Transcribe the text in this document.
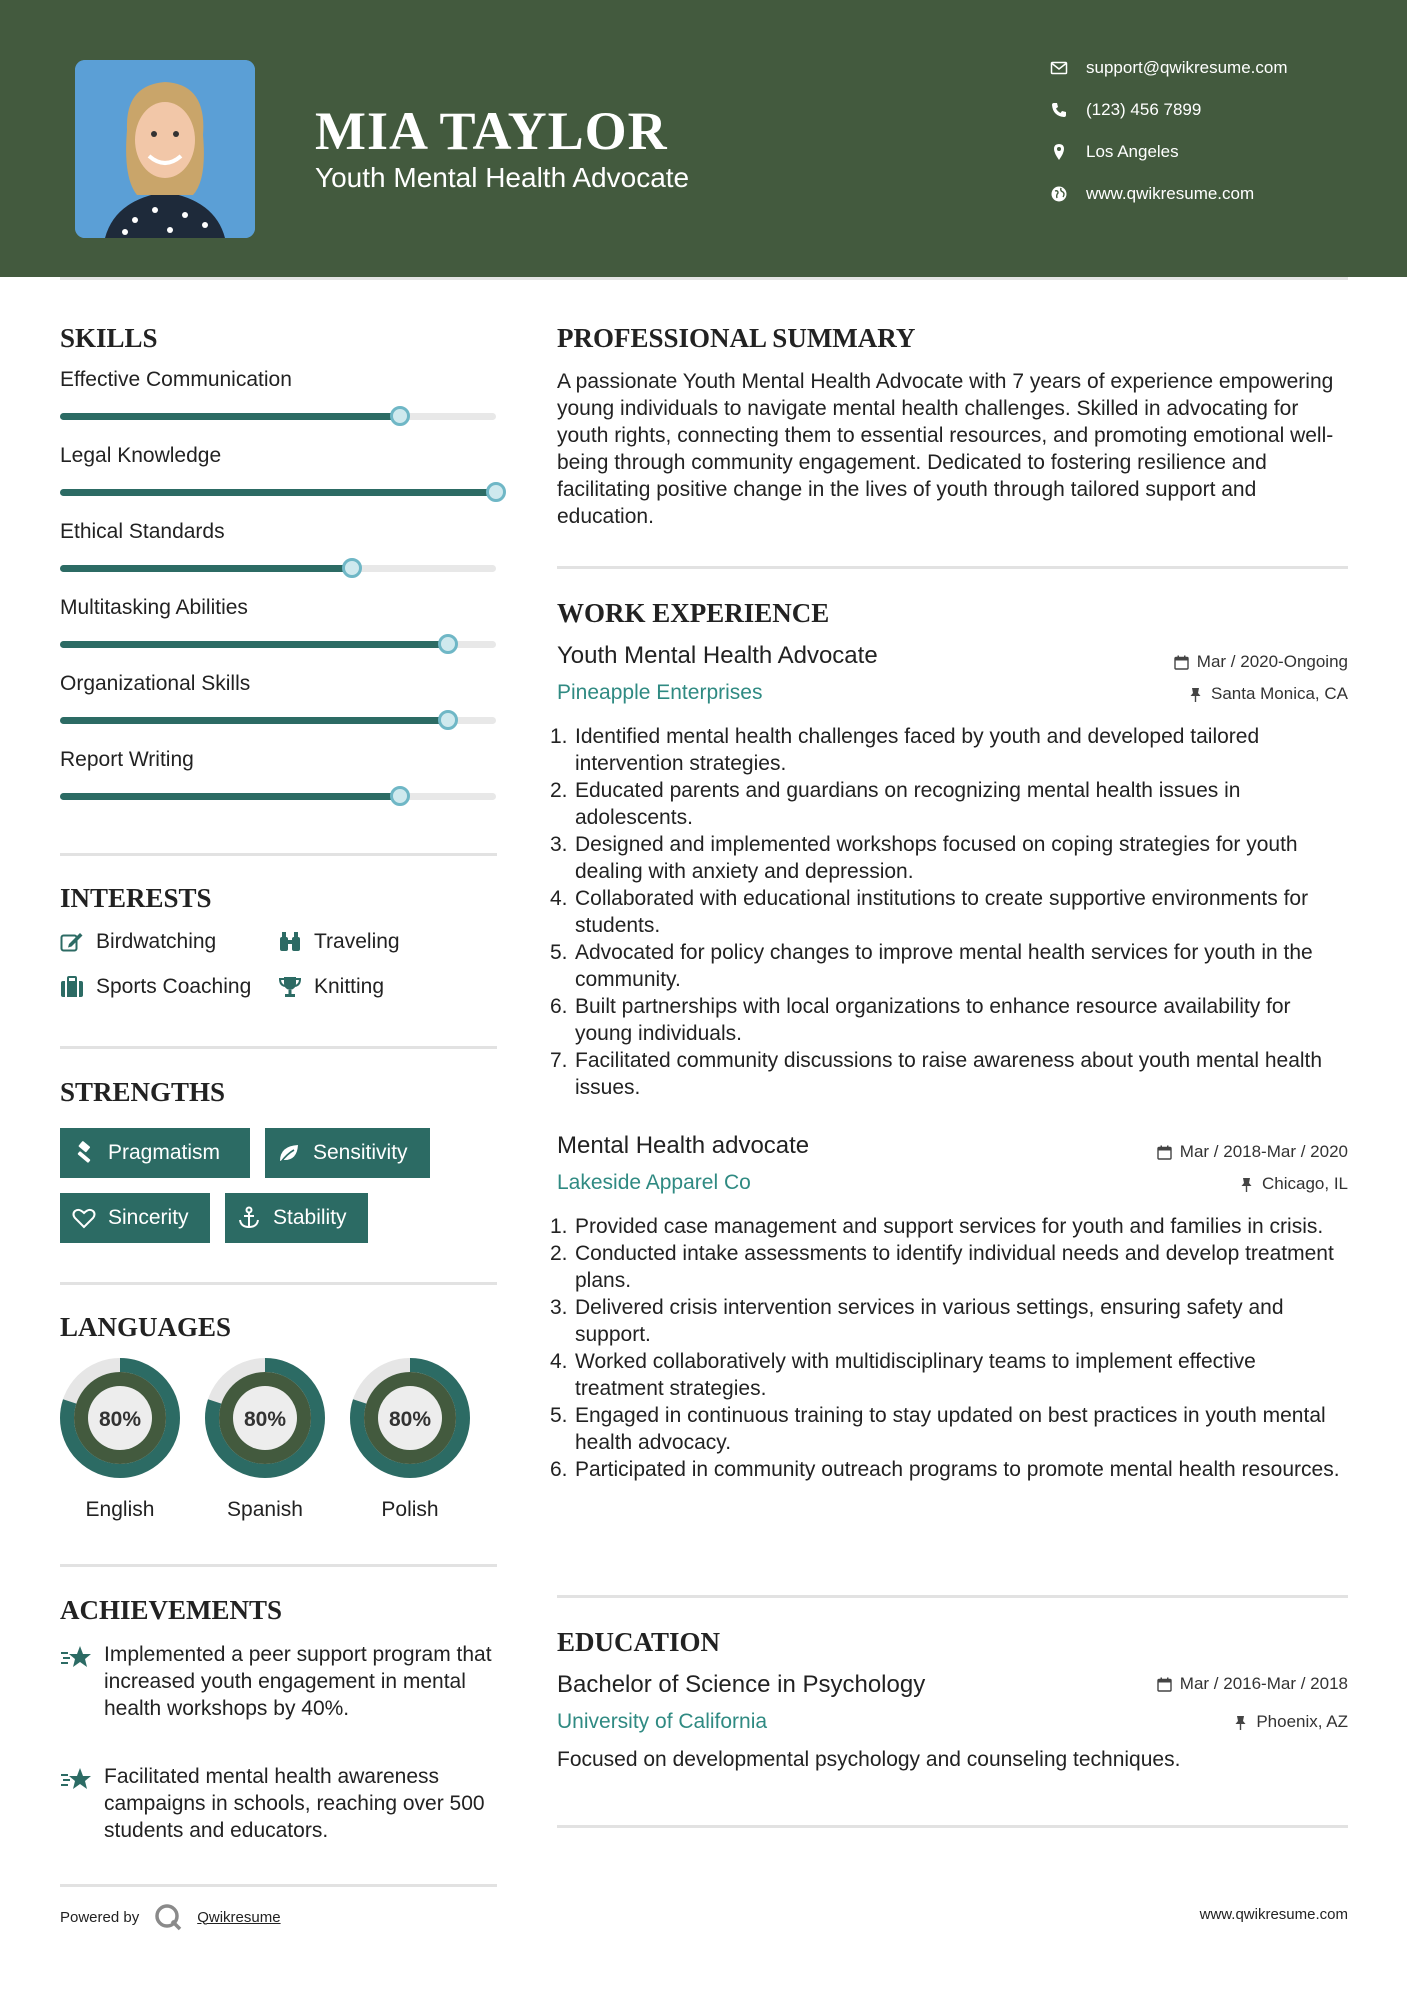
MIA TAYLOR
Youth Mental Health Advocate
support@qwikresume.com
(123) 456 7899
Los Angeles
www.qwikresume.com
SKILLS
Effective Communication
Legal Knowledge
Ethical Standards
Multitasking Abilities
Organizational Skills
Report Writing
INTERESTS
Birdwatching	Traveling
Sports Coaching	Knitting
STRENGTHS
Pragmatism	Sensitivity
Sincerity	Stability
LANGUAGES
80%
English
80%
Spanish
80%
Polish
ACHIEVEMENTS
Implemented a peer support program that increased youth engagement in mental health workshops by 40%.
Facilitated mental health awareness campaigns in schools, reaching over 500 students and educators.
PROFESSIONAL SUMMARY
A passionate Youth Mental Health Advocate with 7 years of experience empowering young individuals to navigate mental health challenges. Skilled in advocating for youth rights, connecting them to essential resources, and promoting emotional well-being through community engagement. Dedicated to fostering resilience and facilitating positive change in the lives of youth through tailored support and education.
WORK EXPERIENCE
Youth Mental Health Advocate	Mar / 2020-Ongoing
Pineapple Enterprises	Santa Monica, CA
1. Identified mental health challenges faced by youth and developed tailored intervention strategies.
2. Educated parents and guardians on recognizing mental health issues in adolescents.
3. Designed and implemented workshops focused on coping strategies for youth dealing with anxiety and depression.
4. Collaborated with educational institutions to create supportive environments for students.
5. Advocated for policy changes to improve mental health services for youth in the community.
6. Built partnerships with local organizations to enhance resource availability for young individuals.
7. Facilitated community discussions to raise awareness about youth mental health issues.
Mental Health advocate	Mar / 2018-Mar / 2020
Lakeside Apparel Co	Chicago, IL
1. Provided case management and support services for youth and families in crisis.
2. Conducted intake assessments to identify individual needs and develop treatment plans.
3. Delivered crisis intervention services in various settings, ensuring safety and support.
4. Worked collaboratively with multidisciplinary teams to implement effective treatment strategies.
5. Engaged in continuous training to stay updated on best practices in youth mental health advocacy.
6. Participated in community outreach programs to promote mental health resources.
EDUCATION
Bachelor of Science in Psychology	Mar / 2016-Mar / 2018
University of California	Phoenix, AZ
Focused on developmental psychology and counseling techniques.
Powered by	Qwikresume	www.qwikresume.com
